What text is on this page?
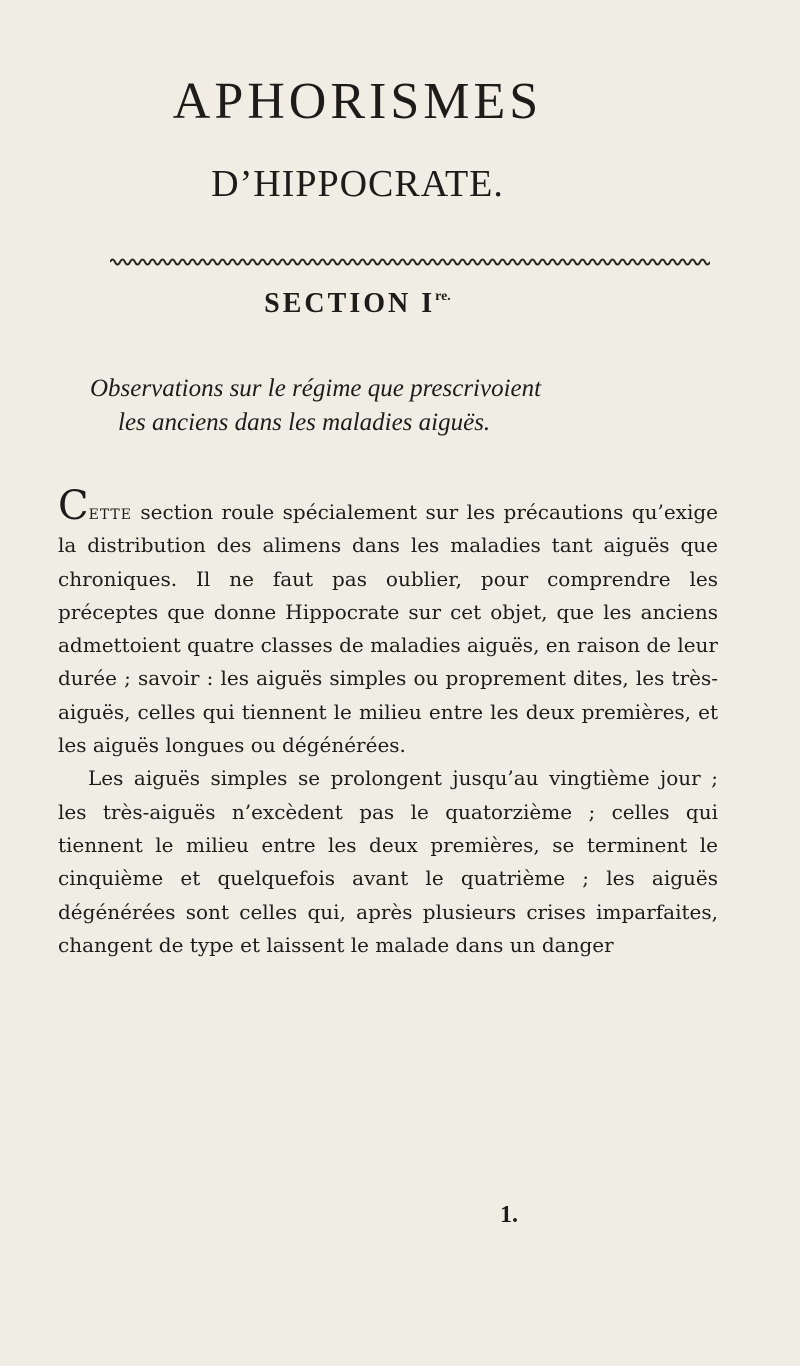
APHORISMES
D’HIPPOCRATE.
SECTION $I^{re.}$

Observations sur le régime que prescrivoient
les anciens dans les maladies aiguës.

Cette section roule spécialement sur les précautions qu’exige la distribution des alimens dans les maladies tant aiguës que chroniques. Il ne faut pas oublier, pour comprendre les préceptes que donne Hippocrate sur cet objet, que les anciens admettoient quatre classes de maladies aiguës, en raison de leur durée ; savoir : les aiguës simples ou proprement dites, les très-aiguës, celles qui tiennent le milieu entre les deux premières, et les aiguës longues ou dégénérées.

Les aiguës simples se prolongent jusqu’au vingtième jour ; les très-aiguës n’excèdent pas le quatorzième ; celles qui tiennent le milieu entre les deux premières, se terminent le cinquième et quelquefois avant le quatrième ; les aiguës dégénérées sont celles qui, après plusieurs crises imparfaites, changent de type et laissent le malade dans un danger

1.
